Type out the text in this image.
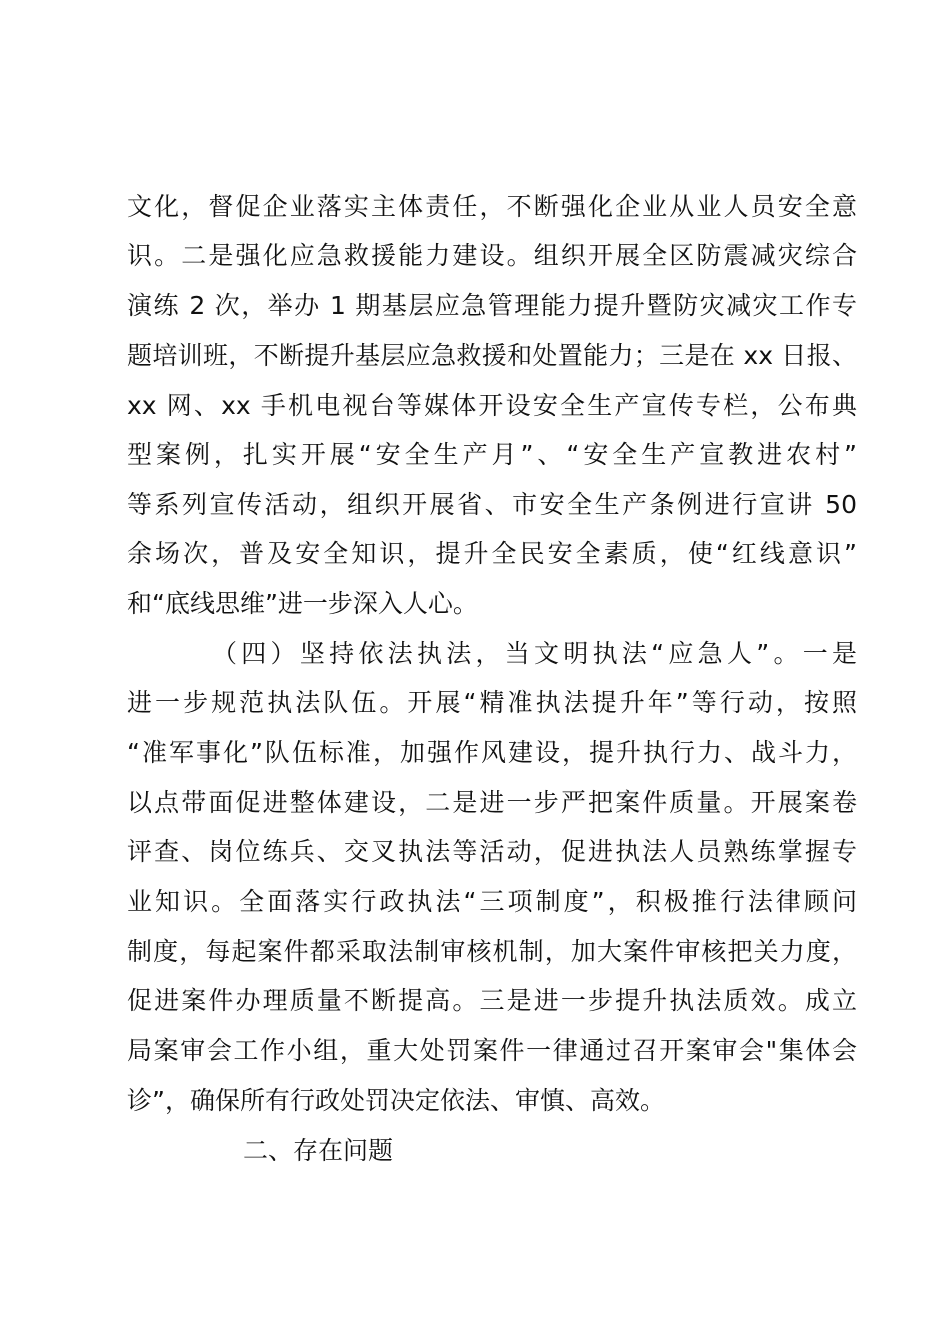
文化，督促企业落实主体责任，不断强化企业从业人员安全意

识。二是强化应急救援能力建设。组织开展全区防震减灾综合

演练 2 次，举办 1 期基层应急管理能力提升暨防灾减灾工作专

题培训班，不断提升基层应急救援和处置能力；三是在 xx 日报、

xx 网、xx 手机电视台等媒体开设安全生产宣传专栏，公布典

型案例，扎实开展“安全生产月”、“安全生产宣教进农村”

等系列宣传活动，组织开展省、市安全生产条例进行宣讲 50

余场次，普及安全知识，提升全民安全素质，使“红线意识”

和“底线思维”进一步深入人心。

（四）坚持依法执法，当文明执法“应急人”。一是

进一步规范执法队伍。开展“精准执法提升年”等行动，按照

“准军事化”队伍标准，加强作风建设，提升执行力、战斗力，

以点带面促进整体建设，二是进一步严把案件质量。开展案卷

评查、岗位练兵、交叉执法等活动，促进执法人员熟练掌握专

业知识。全面落实行政执法“三项制度”，积极推行法律顾问

制度，每起案件都采取法制审核机制，加大案件审核把关力度，

促进案件办理质量不断提高。三是进一步提升执法质效。成立

局案审会工作小组，重大处罚案件一律通过召开案审会"集体会

诊”，确保所有行政处罚决定依法、审慎、高效。

二、存在问题
